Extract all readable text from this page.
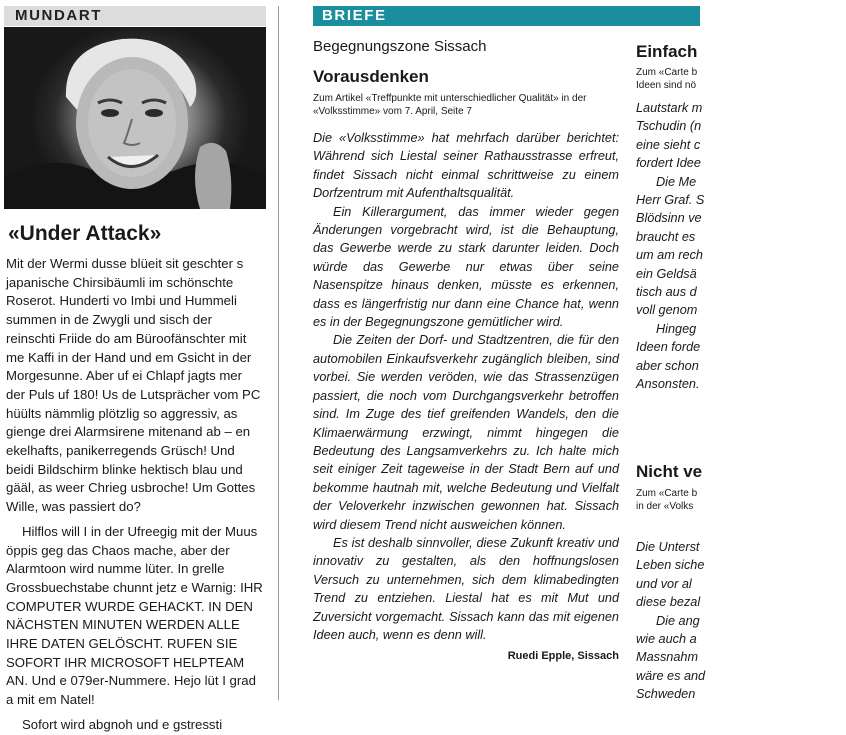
MUNDART
«Under Attack»

Mit der Wermi dusse blüeit sit geschter s japanische Chirsibäumli im schönschte Roserot. Hunderti vo Imbi und Hummeli summen in de Zwygli und sisch der reinschti Friide do am Büroofänschter mit me Kaffi in der Hand und em Gsicht in der Morgesunne. Aber uf ei Chlapf jagts mer der Puls uf 180! Us de Lutsprächer vom PC hüülts nämmlig plötzlig so aggressiv, as gienge drei Alarmsirene mitenand ab – en ekelhafts, panikerregends Grüsch! Und beidi Bildschirm blinke hektisch blau und gääl, as weer Chrieg usbroche! Um Gottes Wille, was passiert do?

Hilflos will I in der Ufreegig mit der Muus öppis geg das Chaos mache, aber der Alarmtoon wird numme lüter. In grelle Grossbuechstabe chunnt jetz e Warnig: IHR COMPUTER WURDE GEHACKT. IN DEN NÄCHSTEN MINUTEN WERDEN ALLE IHRE DATEN GELÖSCHT. RUFEN SIE SOFORT IHR MICROSOFT HELPTEAM AN. Und e 079er-Nummere. Hejo lüt I grad a mit em Natel!

Sofort wird abgnoh und e gstressti

BRIEFE
Begegnungszone Sissach
Vorausdenken
Zum Artikel «Treffpunkte mit unterschiedlicher Qualität» in der «Volksstimme» vom 7. April, Seite 7

Die «Volksstimme» hat mehrfach darüber berichtet: Während sich Liestal seiner Rathausstrasse erfreut, findet Sissach nicht einmal schrittweise zu einem Dorfzentrum mit Aufenthaltsqualität.

Ein Killerargument, das immer wieder gegen Änderungen vorgebracht wird, ist die Behauptung, das Gewerbe werde zu stark darunter leiden. Doch würde das Gewerbe nur etwas über seine Nasenspitze hinaus denken, müsste es erkennen, dass es längerfristig nur dann eine Chance hat, wenn es in der Begegnungszone gemütlicher wird.

Die Zeiten der Dorf- und Stadtzentren, die für den automobilen Einkaufsverkehr zugänglich bleiben, sind vorbei. Sie werden veröden, wie das Strassenzügen passiert, die noch vom Durchgangsverkehr betroffen sind. Im Zuge des tief greifenden Wandels, den die Klimaerwärmung erzwingt, nimmt hingegen die Bedeutung des Langsamverkehrs zu. Ich halte mich seit einiger Zeit tageweise in der Stadt Bern auf und bekomme hautnah mit, welche Bedeutung und Vielfalt der Veloverkehr inzwischen gewonnen hat. Sissach wird diesem Trend nicht ausweichen können.

Es ist deshalb sinnvoller, diese Zukunft kreativ und innovativ zu gestalten, als den hoffnungslosen Versuch zu unternehmen, sich dem klimabedingten Trend zu entziehen. Liestal hat es mit Mut und Zuversicht vorgemacht. Sissach kann das mit eigenen Ideen auch, wenn es denn will.

Ruedi Epple, Sissach
Einfach
Zum «Carte b
Ideen sind nö
Lautstark m
Tschudin (n
eine sieht c
fordert Idee
Die Me
Herr Graf. S
Blödsinn ve
braucht es
um am rech
ein Geldsä
tisch aus d
voll genom
Hingeg
Ideen forde
aber schon
Ansonsten.
Nicht ve
Zum «Carte b
in der «Volks
Die Unterst
Leben siche
und vor al
diese bezal
Die ang
wie auch a
Massnahm
wäre es and
Schweden
